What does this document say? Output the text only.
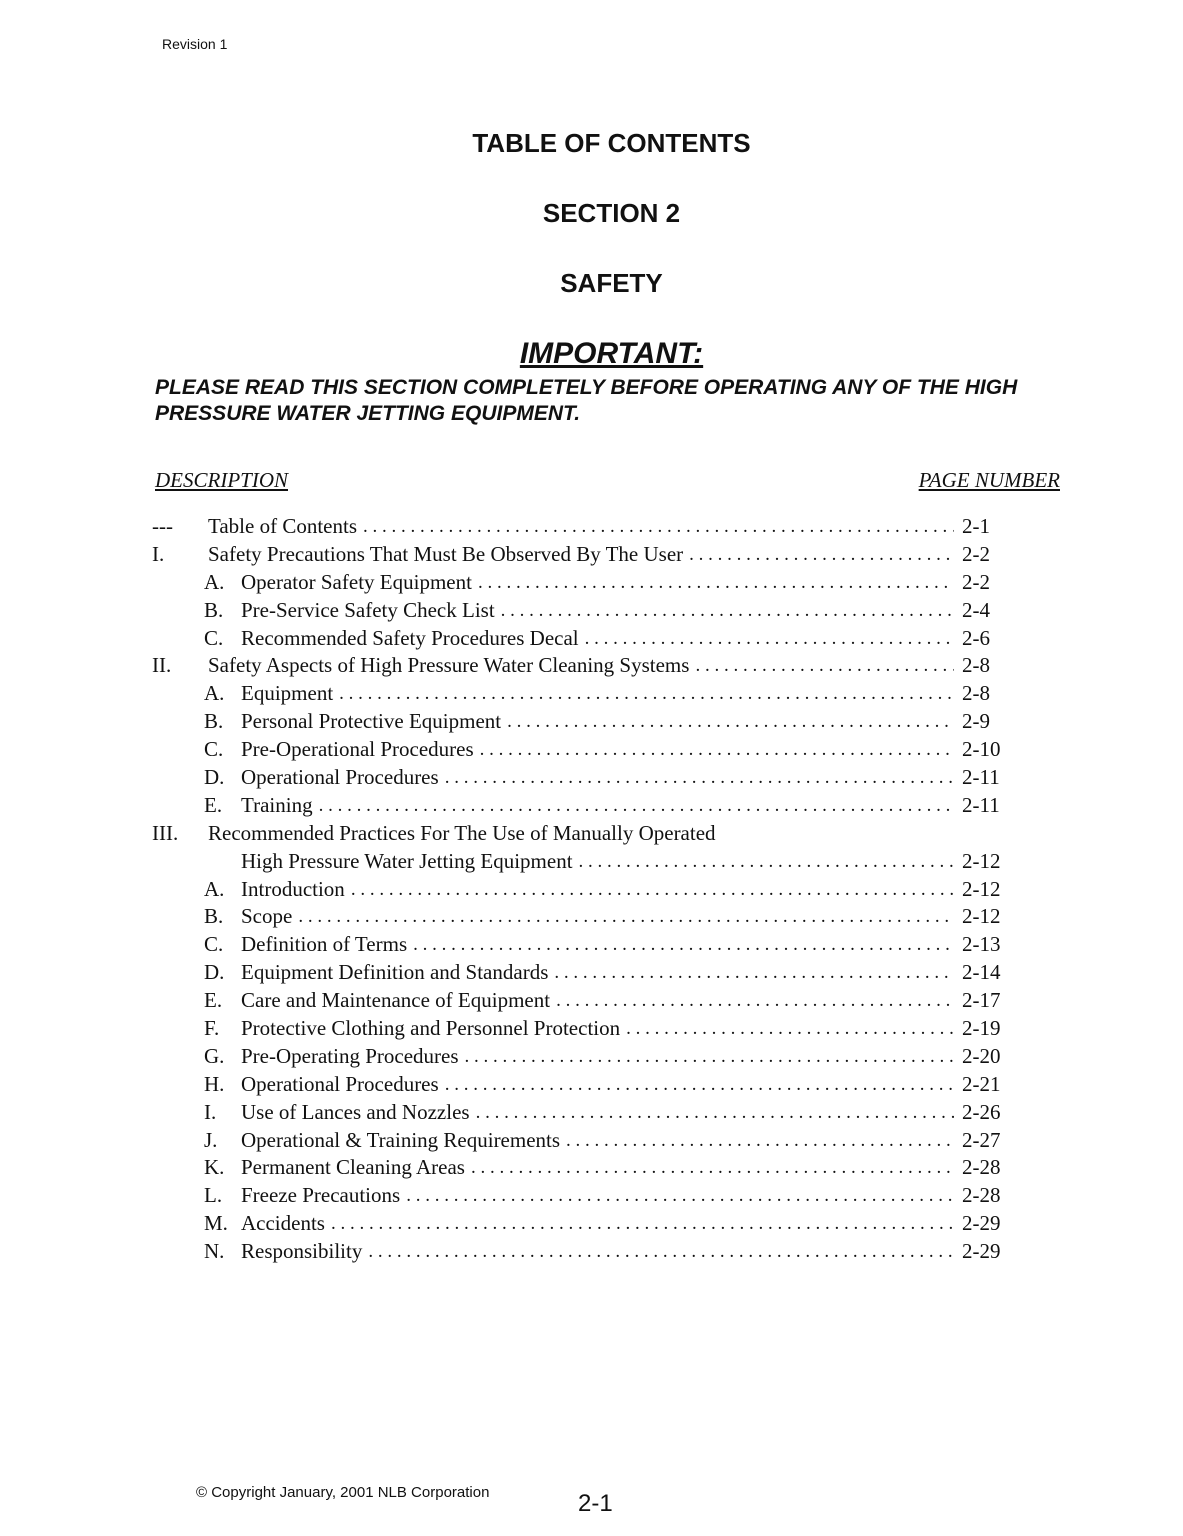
Revision 1
TABLE OF CONTENTS
SECTION 2
SAFETY
IMPORTANT:
PLEASE READ THIS SECTION COMPLETELY BEFORE OPERATING ANY OF THE HIGH PRESSURE WATER JETTING EQUIPMENT.
DESCRIPTION	PAGE NUMBER
---	Table of Contents . . .	2-1
I.	Safety Precautions That Must Be Observed By The User . . .	2-2
A. Operator Safety Equipment . . .	2-2
B. Pre-Service Safety Check List . . .	2-4
C. Recommended Safety Procedures Decal . . .	2-6
II.	Safety Aspects of High Pressure Water Cleaning Systems . . .	2-8
A. Equipment . . .	2-8
B. Personal Protective Equipment . . .	2-9
C. Pre-Operational Procedures . . .	2-10
D. Operational Procedures . . .	2-11
E. Training . . .	2-11
III.	Recommended Practices For The Use of Manually Operated
High Pressure Water Jetting Equipment . . .	2-12
A. Introduction . . .	2-12
B. Scope . . .	2-12
C. Definition of Terms . . .	2-13
D. Equipment Definition and Standards . . .	2-14
E. Care and Maintenance of Equipment . . .	2-17
F.	Protective Clothing and Personnel Protection . . .	2-19
G. Pre-Operating Procedures . . .	2-20
H. Operational Procedures . . .	2-21
I.	Use of Lances and Nozzles . . .	2-26
J.	Operational & Training Requirements . . .	2-27
K. Permanent Cleaning Areas . . .	2-28
L. Freeze Precautions . . .	2-28
M. Accidents . . .	2-29
N. Responsibility . . .	2-29
© Copyright January, 2001 NLB Corporation	2-1
